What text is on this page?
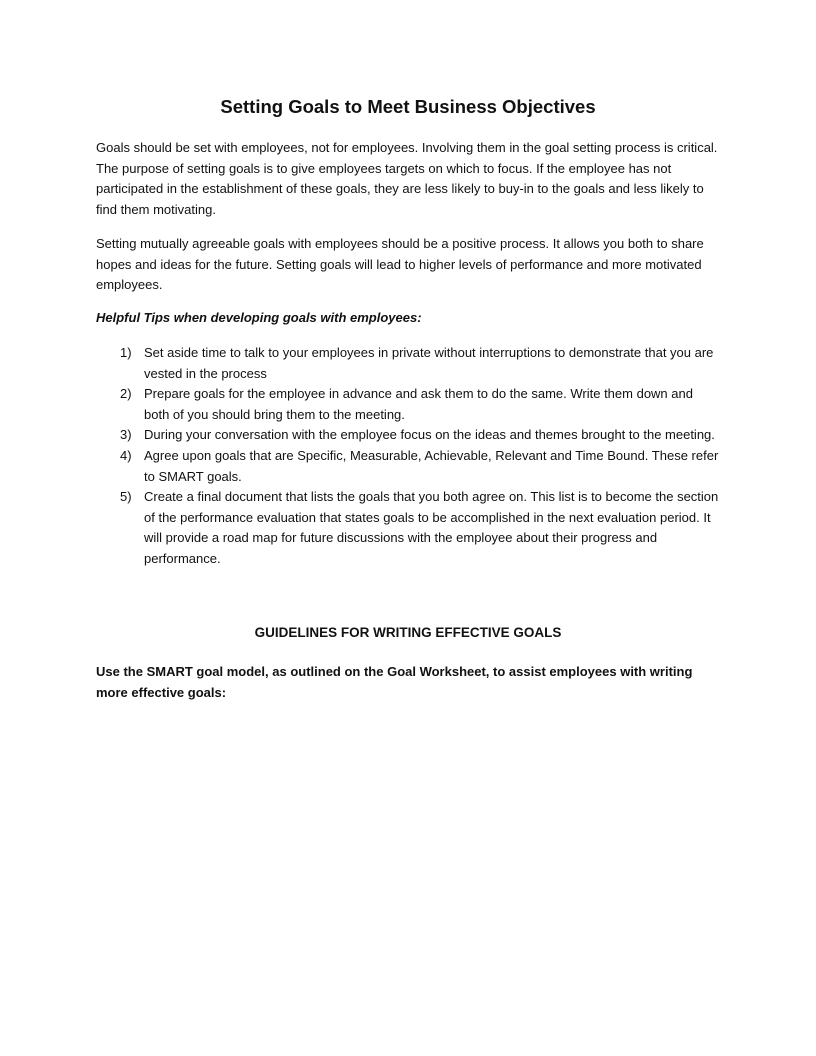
Setting Goals to Meet Business Objectives

Goals should be set with employees, not for employees. Involving them in the goal setting process is critical. The purpose of setting goals is to give employees targets on which to focus. If the employee has not participated in the establishment of these goals, they are less likely to buy-in to the goals and less likely to find them motivating.

Setting mutually agreeable goals with employees should be a positive process. It allows you both to share hopes and ideas for the future. Setting goals will lead to higher levels of performance and more motivated employees.

Helpful Tips when developing goals with employees:

1) Set aside time to talk to your employees in private without interruptions to demonstrate that you are vested in the process
2) Prepare goals for the employee in advance and ask them to do the same. Write them down and both of you should bring them to the meeting.
3) During your conversation with the employee focus on the ideas and themes brought to the meeting.
4) Agree upon goals that are Specific, Measurable, Achievable, Relevant and Time Bound. These refer to SMART goals.
5) Create a final document that lists the goals that you both agree on. This list is to become the section of the performance evaluation that states goals to be accomplished in the next evaluation period. It will provide a road map for future discussions with the employee about their progress and performance.
GUIDELINES FOR WRITING EFFECTIVE GOALS

Use the SMART goal model, as outlined on the Goal Worksheet, to assist employees with writing more effective goals:
